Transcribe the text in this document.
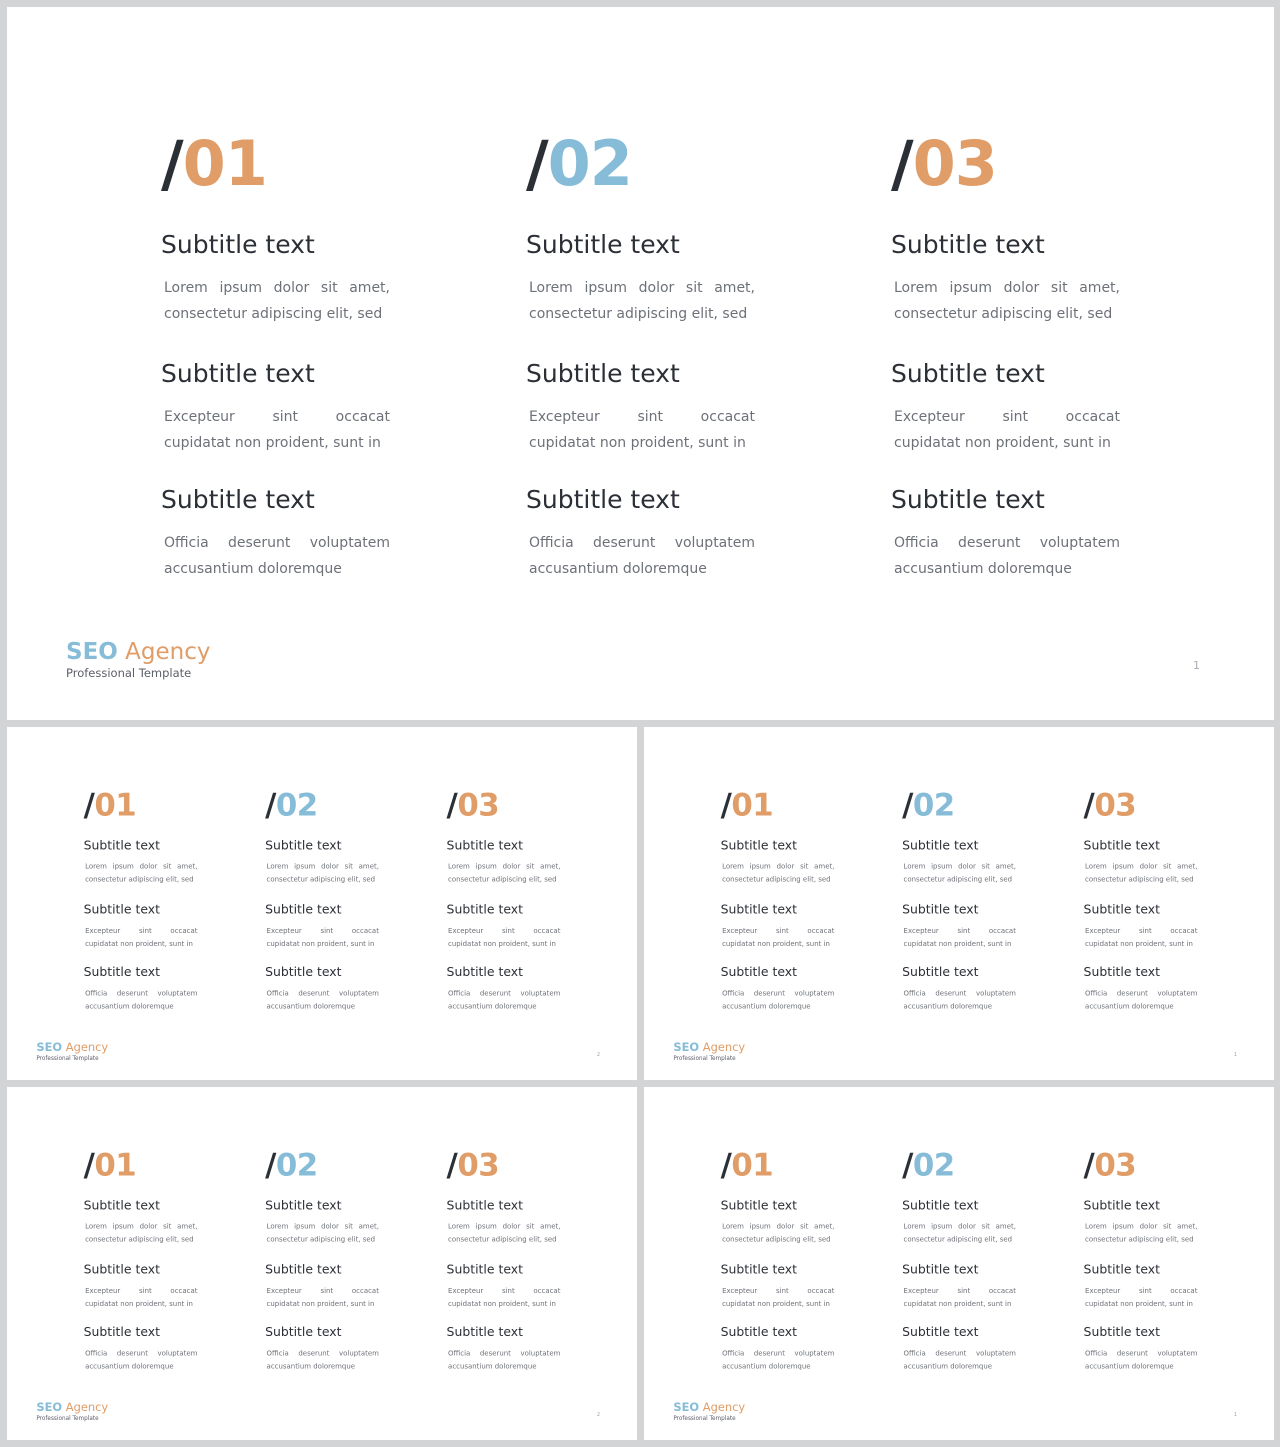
/01
Subtitle text
Lorem ipsum dolor sit amet, consectetur adipiscing elit, sed
Subtitle text
Excepteur sint occacat cupidatat non proident, sunt in
Subtitle text
Officia deserunt voluptatem accusantium doloremque
/02
Subtitle text
Lorem ipsum dolor sit amet, consectetur adipiscing elit, sed
Subtitle text
Excepteur sint occacat cupidatat non proident, sunt in
Subtitle text
Officia deserunt voluptatem accusantium doloremque
/03
Subtitle text
Lorem ipsum dolor sit amet, consectetur adipiscing elit, sed
Subtitle text
Excepteur sint occacat cupidatat non proident, sunt in
Subtitle text
Officia deserunt voluptatem accusantium doloremque
SEO Agency
Professional Template
1
/01
Subtitle text
Lorem ipsum dolor sit amet, consectetur adipiscing elit, sed
Subtitle text
Excepteur sint occacat cupidatat non proident, sunt in
Subtitle text
Officia deserunt voluptatem accusantium doloremque
/02
Subtitle text
Lorem ipsum dolor sit amet, consectetur adipiscing elit, sed
Subtitle text
Excepteur sint occacat cupidatat non proident, sunt in
Subtitle text
Officia deserunt voluptatem accusantium doloremque
/03
Subtitle text
Lorem ipsum dolor sit amet, consectetur adipiscing elit, sed
Subtitle text
Excepteur sint occacat cupidatat non proident, sunt in
Subtitle text
Officia deserunt voluptatem accusantium doloremque
SEO Agency
Professional Template
2
/01
Subtitle text
Lorem ipsum dolor sit amet, consectetur adipiscing elit, sed
Subtitle text
Excepteur sint occacat cupidatat non proident, sunt in
Subtitle text
Officia deserunt voluptatem accusantium doloremque
/02
Subtitle text
Lorem ipsum dolor sit amet, consectetur adipiscing elit, sed
Subtitle text
Excepteur sint occacat cupidatat non proident, sunt in
Subtitle text
Officia deserunt voluptatem accusantium doloremque
/03
Subtitle text
Lorem ipsum dolor sit amet, consectetur adipiscing elit, sed
Subtitle text
Excepteur sint occacat cupidatat non proident, sunt in
Subtitle text
Officia deserunt voluptatem accusantium doloremque
SEO Agency
Professional Template
1
/01
Subtitle text
Lorem ipsum dolor sit amet, consectetur adipiscing elit, sed
Subtitle text
Excepteur sint occacat cupidatat non proident, sunt in
Subtitle text
Officia deserunt voluptatem accusantium doloremque
/02
Subtitle text
Lorem ipsum dolor sit amet, consectetur adipiscing elit, sed
Subtitle text
Excepteur sint occacat cupidatat non proident, sunt in
Subtitle text
Officia deserunt voluptatem accusantium doloremque
/03
Subtitle text
Lorem ipsum dolor sit amet, consectetur adipiscing elit, sed
Subtitle text
Excepteur sint occacat cupidatat non proident, sunt in
Subtitle text
Officia deserunt voluptatem accusantium doloremque
SEO Agency
Professional Template
2
/01
Subtitle text
Lorem ipsum dolor sit amet, consectetur adipiscing elit, sed
Subtitle text
Excepteur sint occacat cupidatat non proident, sunt in
Subtitle text
Officia deserunt voluptatem accusantium doloremque
/02
Subtitle text
Lorem ipsum dolor sit amet, consectetur adipiscing elit, sed
Subtitle text
Excepteur sint occacat cupidatat non proident, sunt in
Subtitle text
Officia deserunt voluptatem accusantium doloremque
/03
Subtitle text
Lorem ipsum dolor sit amet, consectetur adipiscing elit, sed
Subtitle text
Excepteur sint occacat cupidatat non proident, sunt in
Subtitle text
Officia deserunt voluptatem accusantium doloremque
SEO Agency
Professional Template
1
